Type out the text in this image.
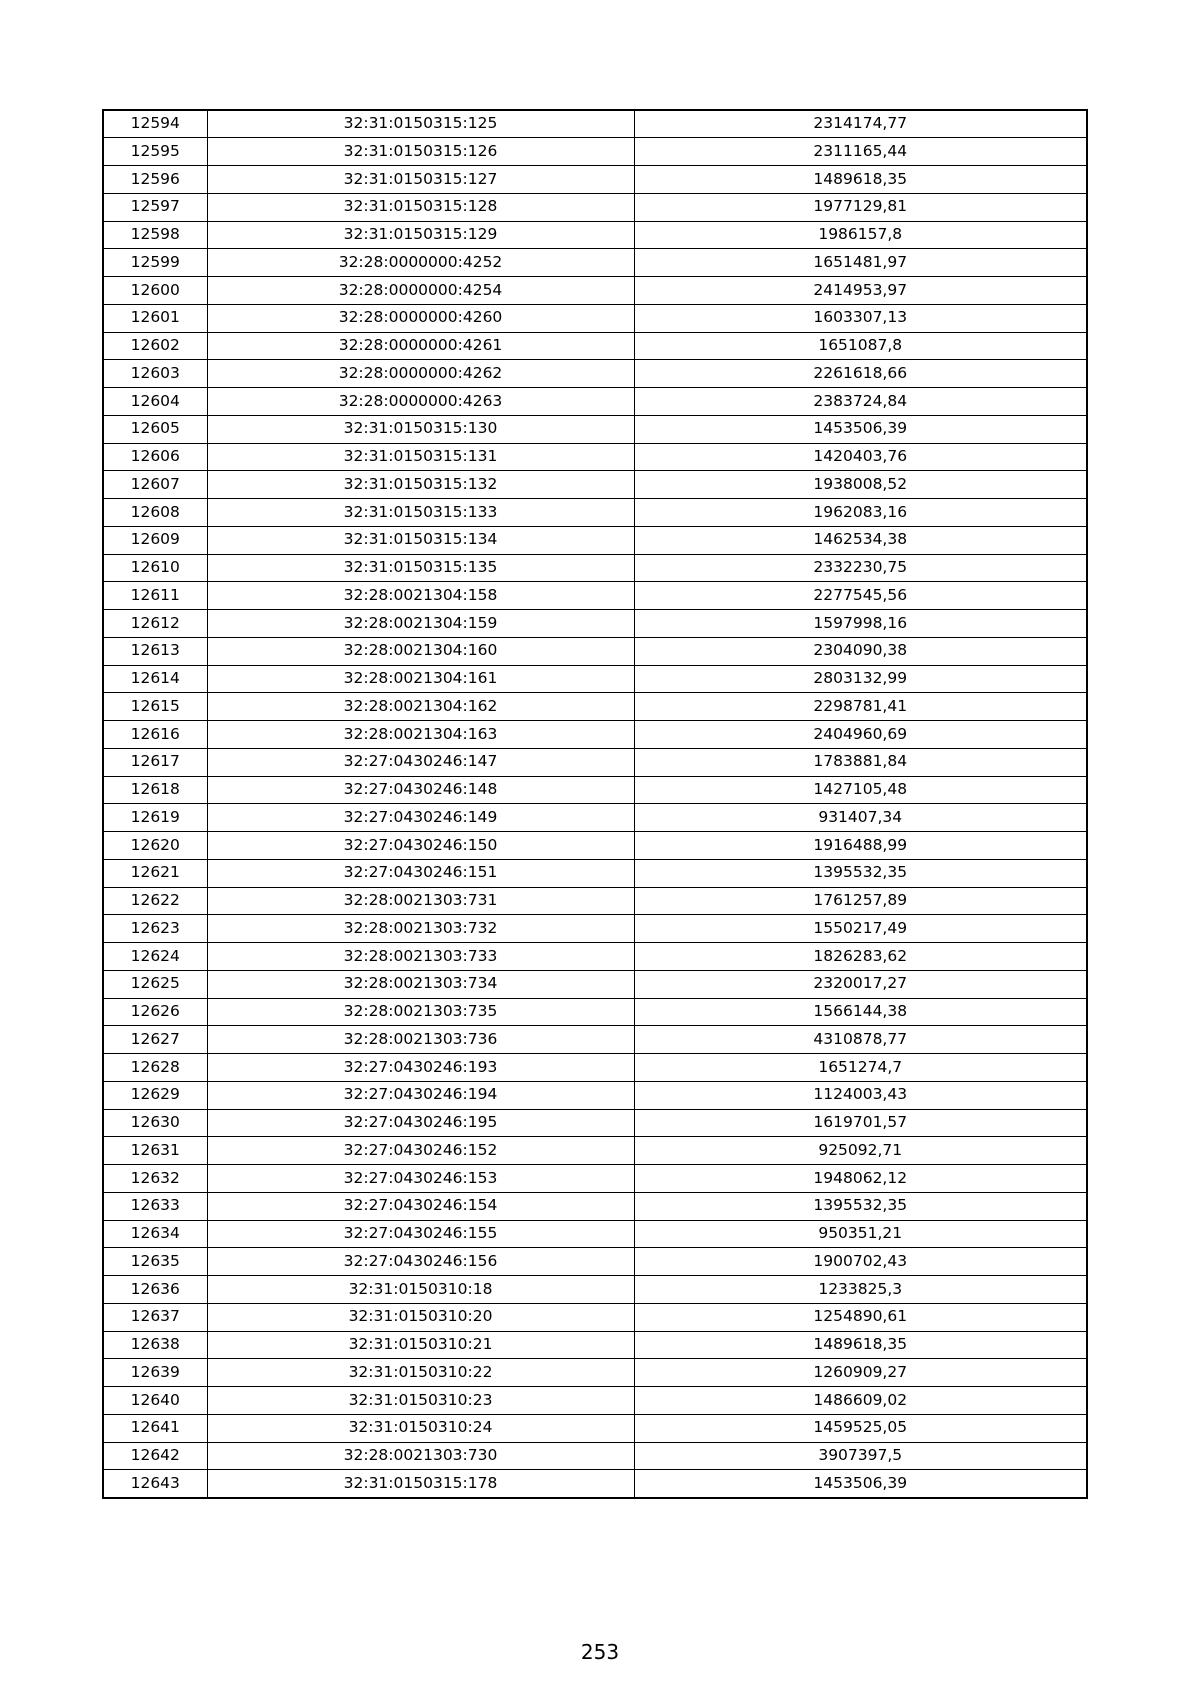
12594	32:31:0150315:125	2314174,77
12595	32:31:0150315:126	2311165,44
12596	32:31:0150315:127	1489618,35
12597	32:31:0150315:128	1977129,81
12598	32:31:0150315:129	1986157,8
12599	32:28:0000000:4252	1651481,97
12600	32:28:0000000:4254	2414953,97
12601	32:28:0000000:4260	1603307,13
12602	32:28:0000000:4261	1651087,8
12603	32:28:0000000:4262	2261618,66
12604	32:28:0000000:4263	2383724,84
12605	32:31:0150315:130	1453506,39
12606	32:31:0150315:131	1420403,76
12607	32:31:0150315:132	1938008,52
12608	32:31:0150315:133	1962083,16
12609	32:31:0150315:134	1462534,38
12610	32:31:0150315:135	2332230,75
12611	32:28:0021304:158	2277545,56
12612	32:28:0021304:159	1597998,16
12613	32:28:0021304:160	2304090,38
12614	32:28:0021304:161	2803132,99
12615	32:28:0021304:162	2298781,41
12616	32:28:0021304:163	2404960,69
12617	32:27:0430246:147	1783881,84
12618	32:27:0430246:148	1427105,48
12619	32:27:0430246:149	931407,34
12620	32:27:0430246:150	1916488,99
12621	32:27:0430246:151	1395532,35
12622	32:28:0021303:731	1761257,89
12623	32:28:0021303:732	1550217,49
12624	32:28:0021303:733	1826283,62
12625	32:28:0021303:734	2320017,27
12626	32:28:0021303:735	1566144,38
12627	32:28:0021303:736	4310878,77
12628	32:27:0430246:193	1651274,7
12629	32:27:0430246:194	1124003,43
12630	32:27:0430246:195	1619701,57
12631	32:27:0430246:152	925092,71
12632	32:27:0430246:153	1948062,12
12633	32:27:0430246:154	1395532,35
12634	32:27:0430246:155	950351,21
12635	32:27:0430246:156	1900702,43
12636	32:31:0150310:18	1233825,3
12637	32:31:0150310:20	1254890,61
12638	32:31:0150310:21	1489618,35
12639	32:31:0150310:22	1260909,27
12640	32:31:0150310:23	1486609,02
12641	32:31:0150310:24	1459525,05
12642	32:28:0021303:730	3907397,5
12643	32:31:0150315:178	1453506,39
253
